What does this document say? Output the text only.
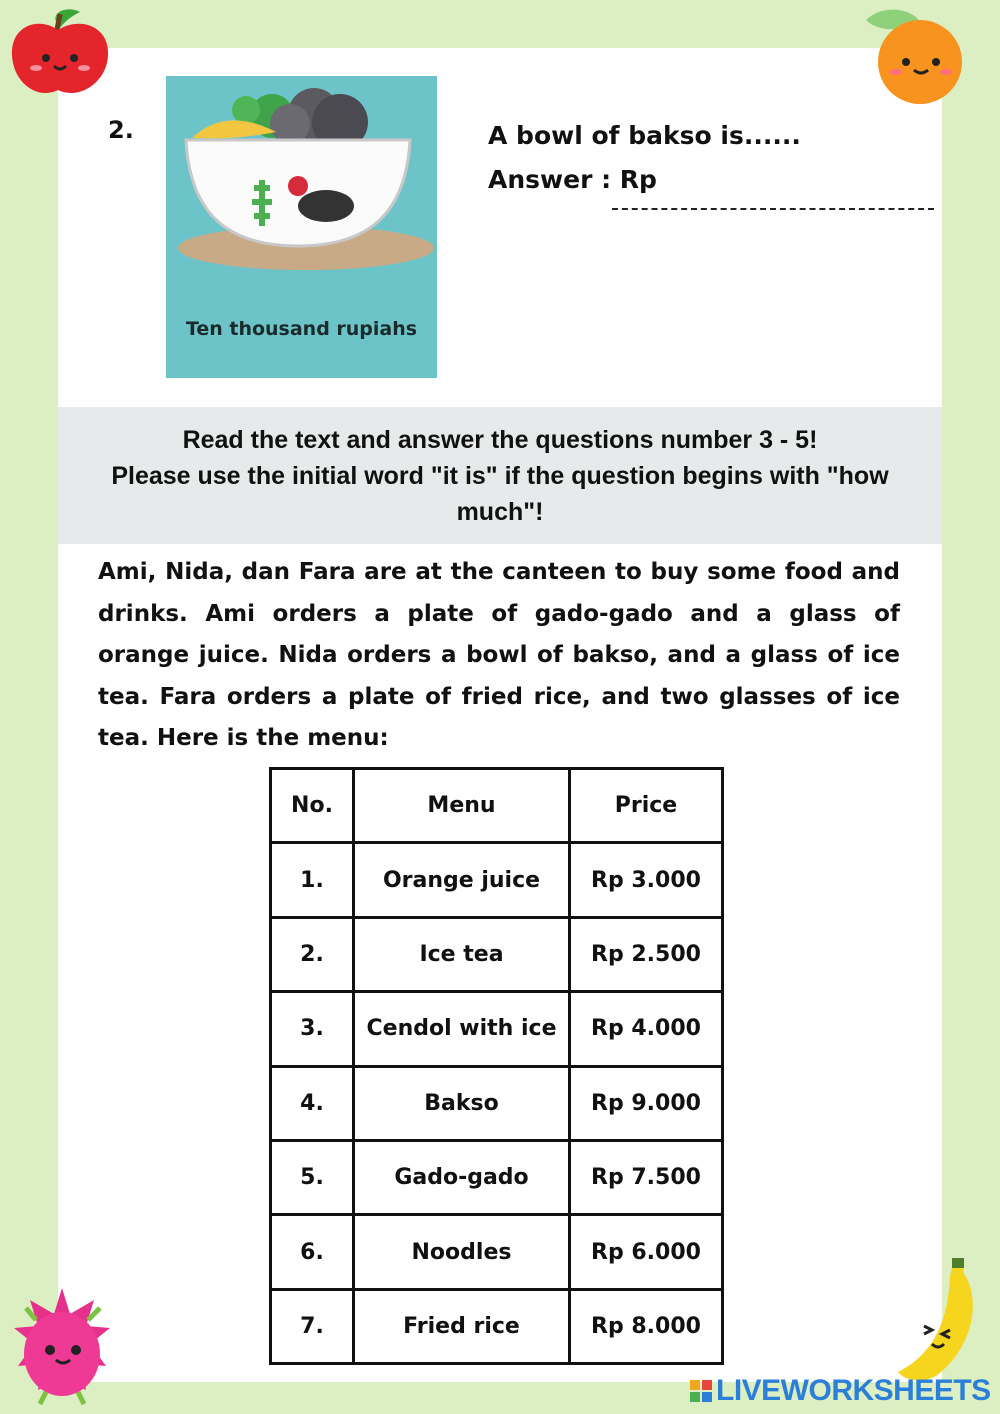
2.
Ten thousand rupiahs
A bowl of bakso is......
Answer : Rp

Read the text and answer the questions number 3 - 5!
Please use the initial word "it is" if the question begins with "how much"!

Ami, Nida, dan Fara are at the canteen to buy some food and drinks. Ami orders a plate of gado-gado and a glass of orange juice. Nida orders a bowl of bakso, and a glass of ice tea. Fara orders a plate of fried rice, and two glasses of ice tea. Here is the menu:

No.	Menu	Price
1.	Orange juice	Rp 3.000
2.	Ice tea	Rp 2.500
3.	Cendol with ice	Rp 4.000
4.	Bakso	Rp 9.000
5.	Gado-gado	Rp 7.500
6.	Noodles	Rp 6.000
7.	Fried rice	Rp 8.000
LIVEWORKSHEETS
